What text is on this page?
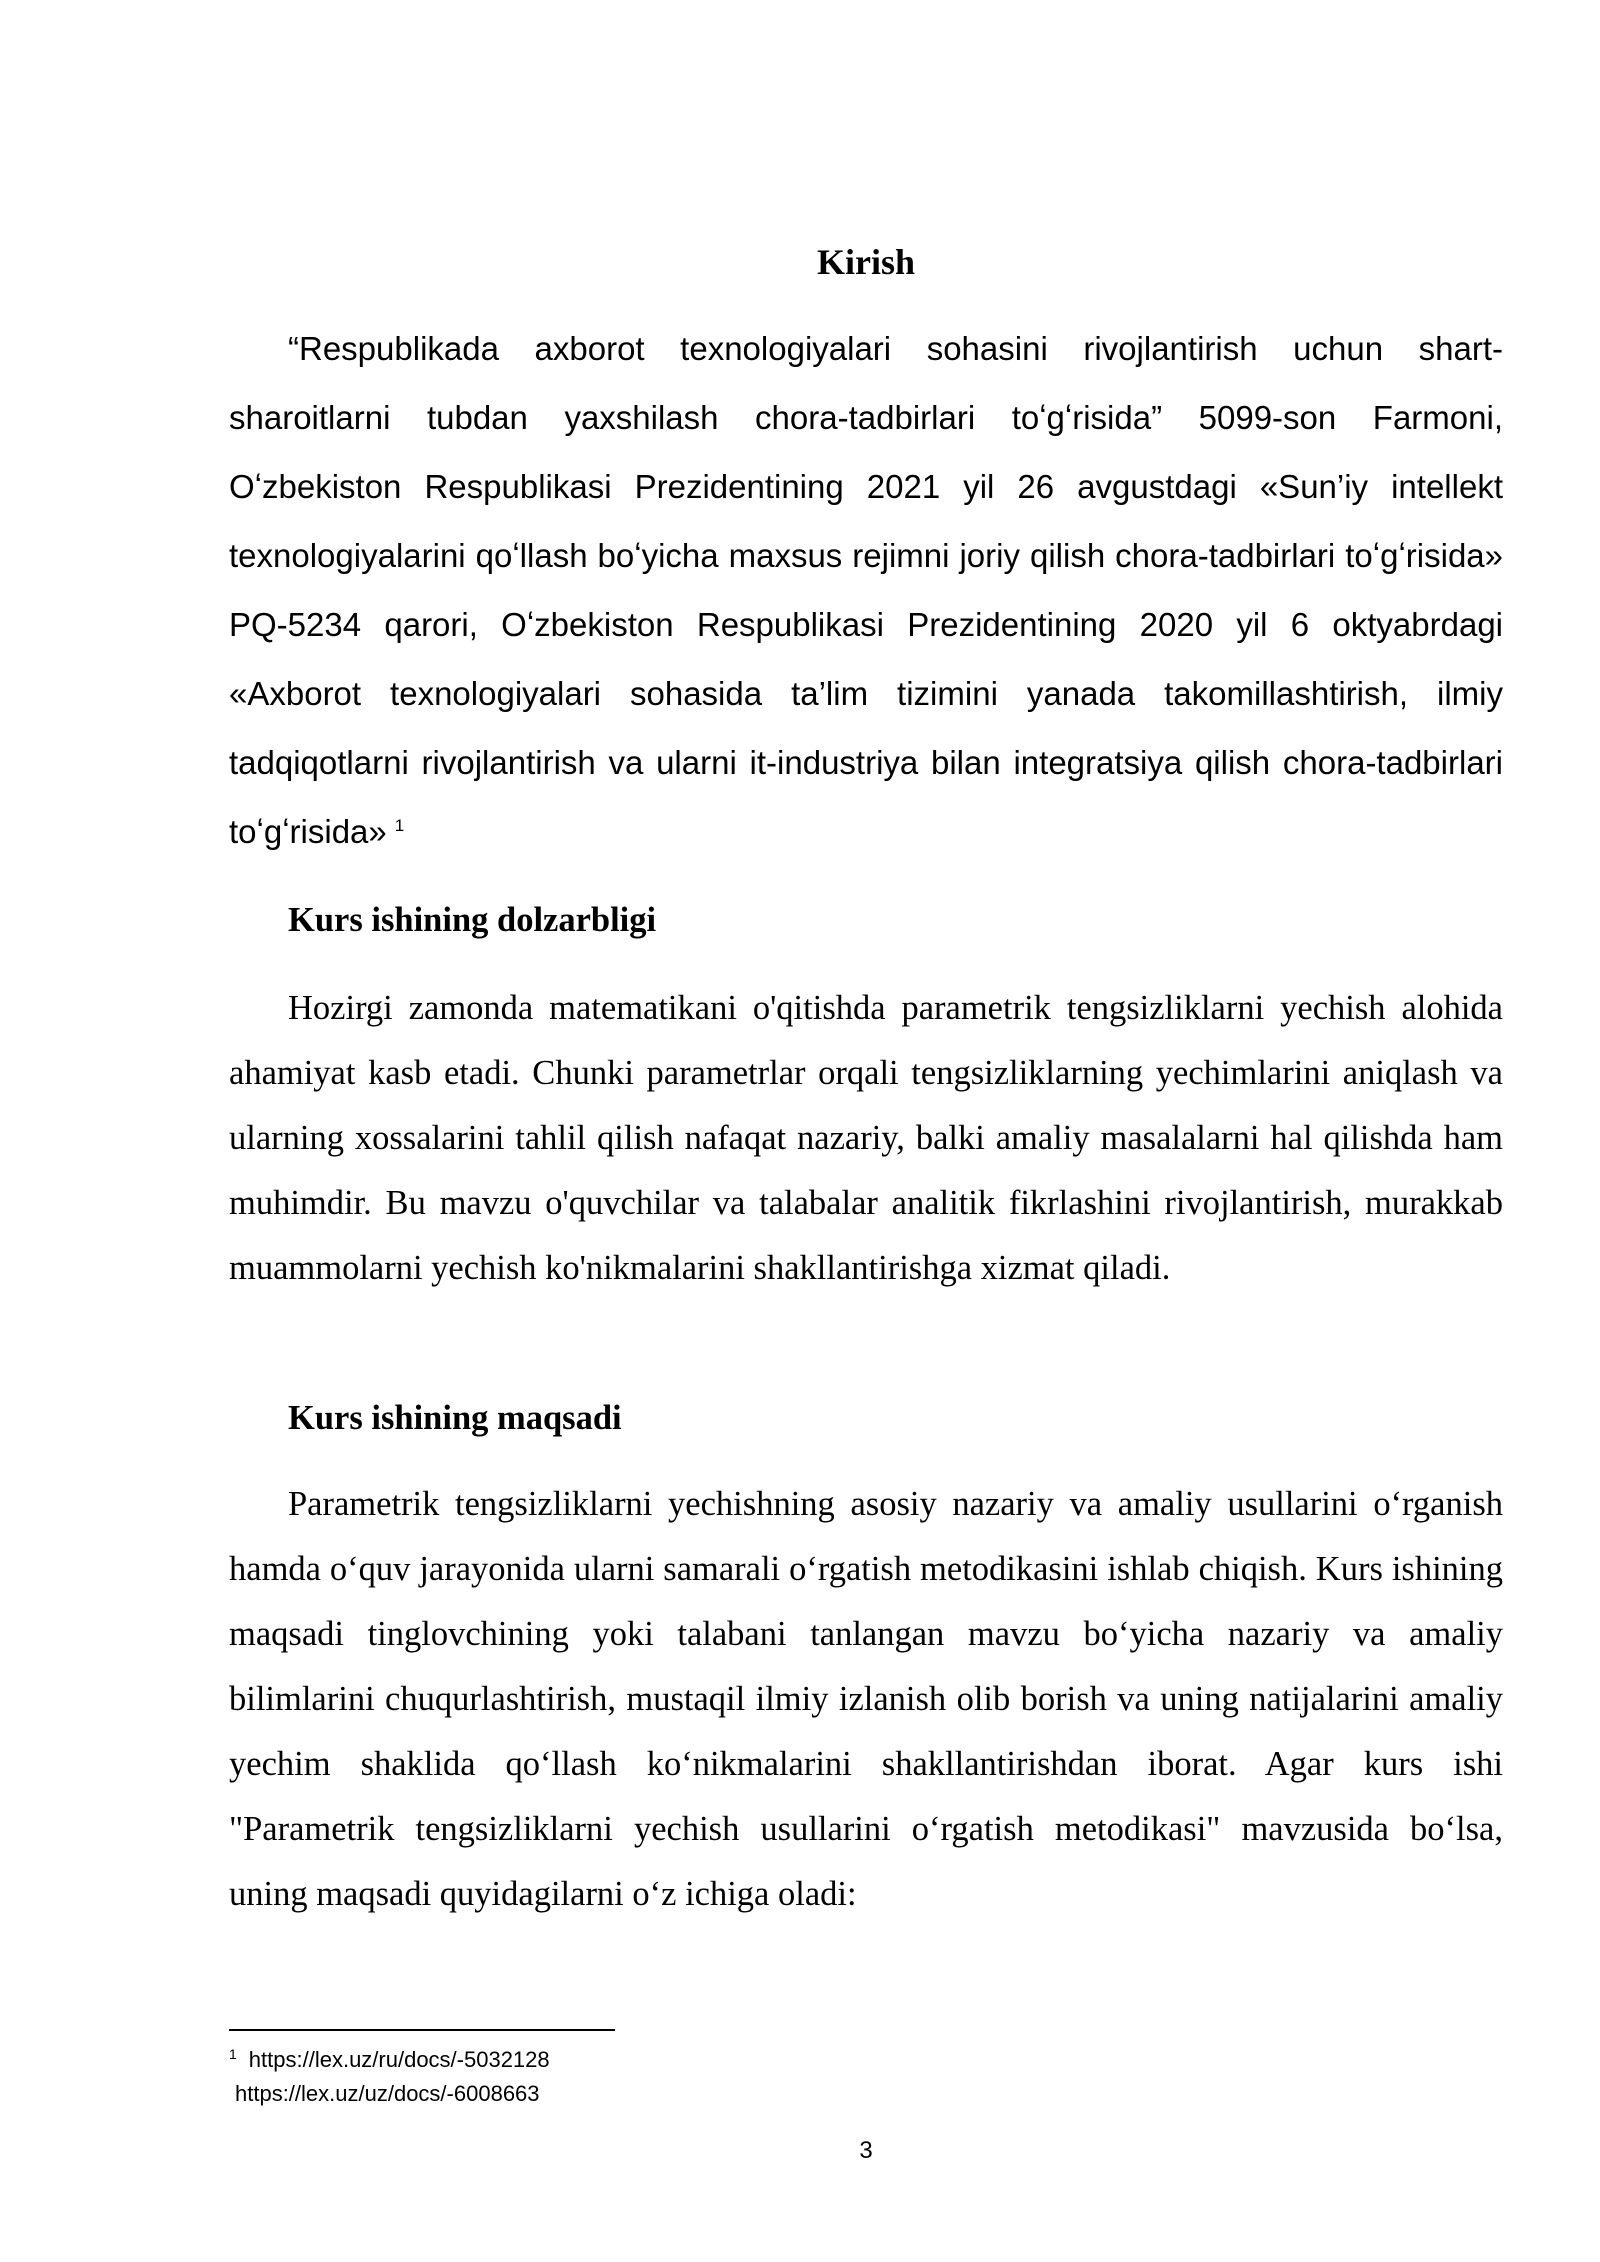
Kirish

“Respublikada axborot texnologiyalari sohasini rivojlantirish uchun shart-sharoitlarni tubdan yaxshilash chora-tadbirlari toʻgʻrisida” 5099-son Farmoni, Oʻzbekiston Respublikasi Prezidentining 2021 yil 26 avgustdagi «Sun’iy intellekt texnologiyalarini qoʻllash boʻyicha maxsus rejimni joriy qilish chora-tadbirlari toʻgʻrisida» PQ-5234 qarori, Oʻzbekiston Respublikasi Prezidentining 2020 yil 6 oktyabrdagi «Axborot texnologiyalari sohasida ta’lim tizimini yanada takomillashtirish, ilmiy tadqiqotlarni rivojlantirish va ularni it-industriya bilan integratsiya qilish chora-tadbirlari toʻgʻrisida» $^1$

Kurs ishining dolzarbligi

Hozirgi zamonda matematikani o'qitishda parametrik tengsizliklarni yechish alohida ahamiyat kasb etadi. Chunki parametrlar orqali tengsizliklarning yechimlarini aniqlash va ularning xossalarini tahlil qilish nafaqat nazariy, balki amaliy masalalarni hal qilishda ham muhimdir. Bu mavzu o'quvchilar va talabalar analitik fikrlashini rivojlantirish, murakkab muammolarni yechish ko'nikmalarini shakllantirishga xizmat qiladi.

Kurs ishining maqsadi

Parametrik tengsizliklarni yechishning asosiy nazariy va amaliy usullarini oʻrganish hamda oʻquv jarayonida ularni samarali oʻrgatish metodikasini ishlab chiqish. Kurs ishining maqsadi tinglovchining yoki talabani tanlangan mavzu boʻyicha nazariy va amaliy bilimlarini chuqurlashtirish, mustaqil ilmiy izlanish olib borish va uning natijalarini amaliy yechim shaklida qoʻllash koʻnikmalarini shakllantirishdan iborat. Agar kurs ishi "Parametrik tengsizliklarni yechish usullarini oʻrgatish metodikasi" mavzusida boʻlsa, uning maqsadi quyidagilarni oʻz ichiga oladi:

$^1$ https://lex.uz/ru/docs/-5032128

https://lex.uz/uz/docs/-6008663

3
